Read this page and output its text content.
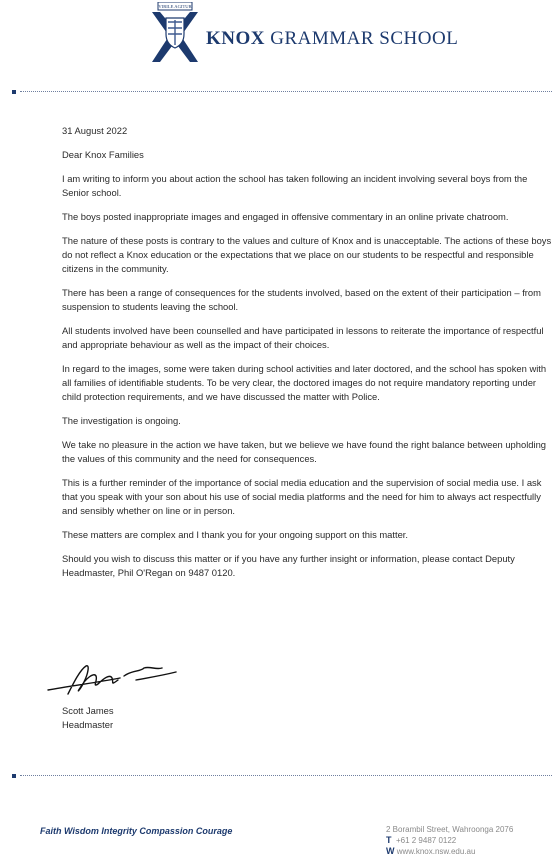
VIRILE AGITUR
KNOX GRAMMAR SCHOOL

31 August 2022

Dear Knox Families

I am writing to inform you about action the school has taken following an incident involving several boys from the Senior school.

The boys posted inappropriate images and engaged in offensive commentary in an online private chatroom.

The nature of these posts is contrary to the values and culture of Knox and is unacceptable. The actions of these boys do not reflect a Knox education or the expectations that we place on our students to be respectful and responsible citizens in the community.

There has been a range of consequences for the students involved, based on the extent of their participation – from suspension to students leaving the school.

All students involved have been counselled and have participated in lessons to reiterate the importance of respectful and appropriate behaviour as well as the impact of their choices.

In regard to the images, some were taken during school activities and later doctored, and the school has spoken with all families of identifiable students. To be very clear, the doctored images do not require mandatory reporting under child protection requirements, and we have discussed the matter with Police.

The investigation is ongoing.

We take no pleasure in the action we have taken, but we believe we have found the right balance between upholding the values of this community and the need for consequences.

This is a further reminder of the importance of social media education and the supervision of social media use. I ask that you speak with your son about his use of social media platforms and the need for him to always act respectfully and sensibly whether on line or in person.

These matters are complex and I thank you for your ongoing support on this matter.

Should you wish to discuss this matter or if you have any further insight or information, please contact Deputy Headmaster, Phil O'Regan on 9487 0120.

Scott James
Headmaster
Faith Wisdom Integrity Compassion Courage	2 Borambil Street, Wahroonga 2076
T +61 2 9487 0122
W www.knox.nsw.edu.au
